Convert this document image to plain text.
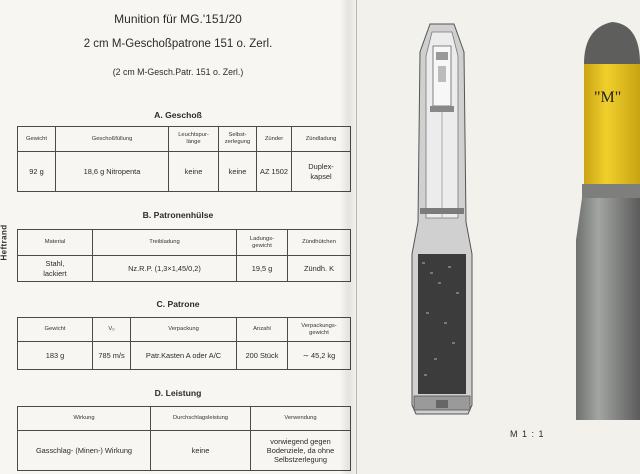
Heftrand
Munition für MG.'151/20
2 cm M-Geschoßpatrone 151 o. Zerl.
(2 cm M-Gesch.Patr. 151 o. Zerl.)
A. Geschoß
Gewicht	Geschoßfüllung	Leuchtspur-
länge	Selbst-
zerlegung	Zünder	Zündladung
92 g	18,6 g Nitropenta	keine	keine	AZ 1502	Duplex-
kapsel
B. Patronenhülse
Material	Treibladung	Ladungs-
gewicht	Zündhütchen
Stahl,
lackiert	Nz.R.P. (1,3×1,45/0,2)	19,5 g	Zündh. K
C. Patrone
Gewicht	V₀	Verpackung	Anzahl	Verpackungs-
gewicht
183 g	785 m/s	Patr.Kasten A oder A/C	200 Stück	∼ 45,2 kg
D. Leistung
Wirkung	Durchschlagsleistung	Verwendung
Gasschlag- (Minen-) Wirkung	keine	vorwiegend gegen
Bodenziele, da ohne
Selbstzerlegung
M 1 : 1
"M"
